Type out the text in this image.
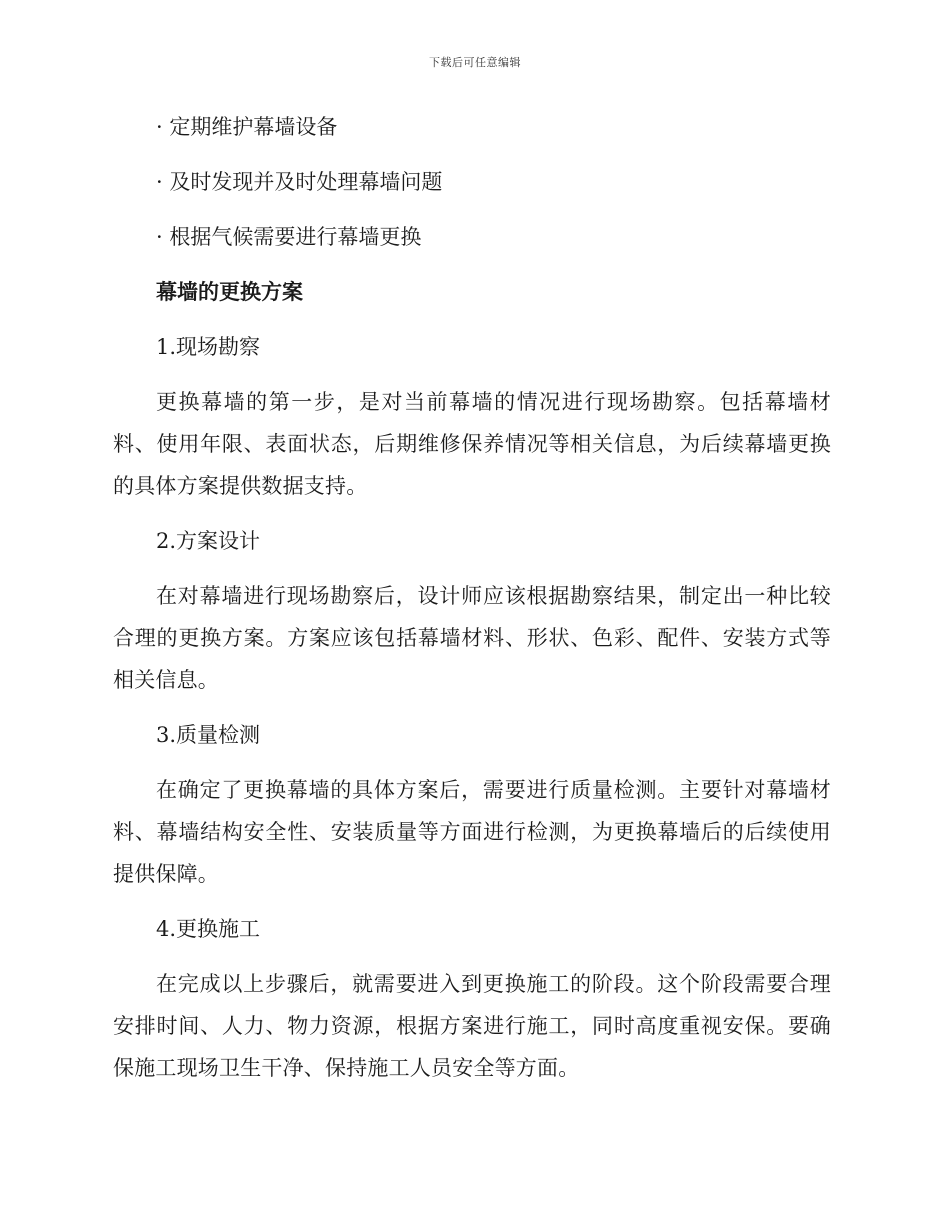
下载后可任意编辑

· 定期维护幕墙设备

· 及时发现并及时处理幕墙问题

· 根据气候需要进行幕墙更换

幕墙的更换方案

1.现场勘察

更换幕墙的第一步，是对当前幕墙的情况进行现场勘察。包括幕墙材料、使用年限、表面状态，后期维修保养情况等相关信息，为后续幕墙更换的具体方案提供数据支持。

2.方案设计

在对幕墙进行现场勘察后，设计师应该根据勘察结果，制定出一种比较合理的更换方案。方案应该包括幕墙材料、形状、色彩、配件、安装方式等相关信息。

3.质量检测

在确定了更换幕墙的具体方案后，需要进行质量检测。主要针对幕墙材料、幕墙结构安全性、安装质量等方面进行检测，为更换幕墙后的后续使用提供保障。

4.更换施工

在完成以上步骤后，就需要进入到更换施工的阶段。这个阶段需要合理安排时间、人力、物力资源，根据方案进行施工，同时高度重视安保。要确保施工现场卫生干净、保持施工人员安全等方面。
